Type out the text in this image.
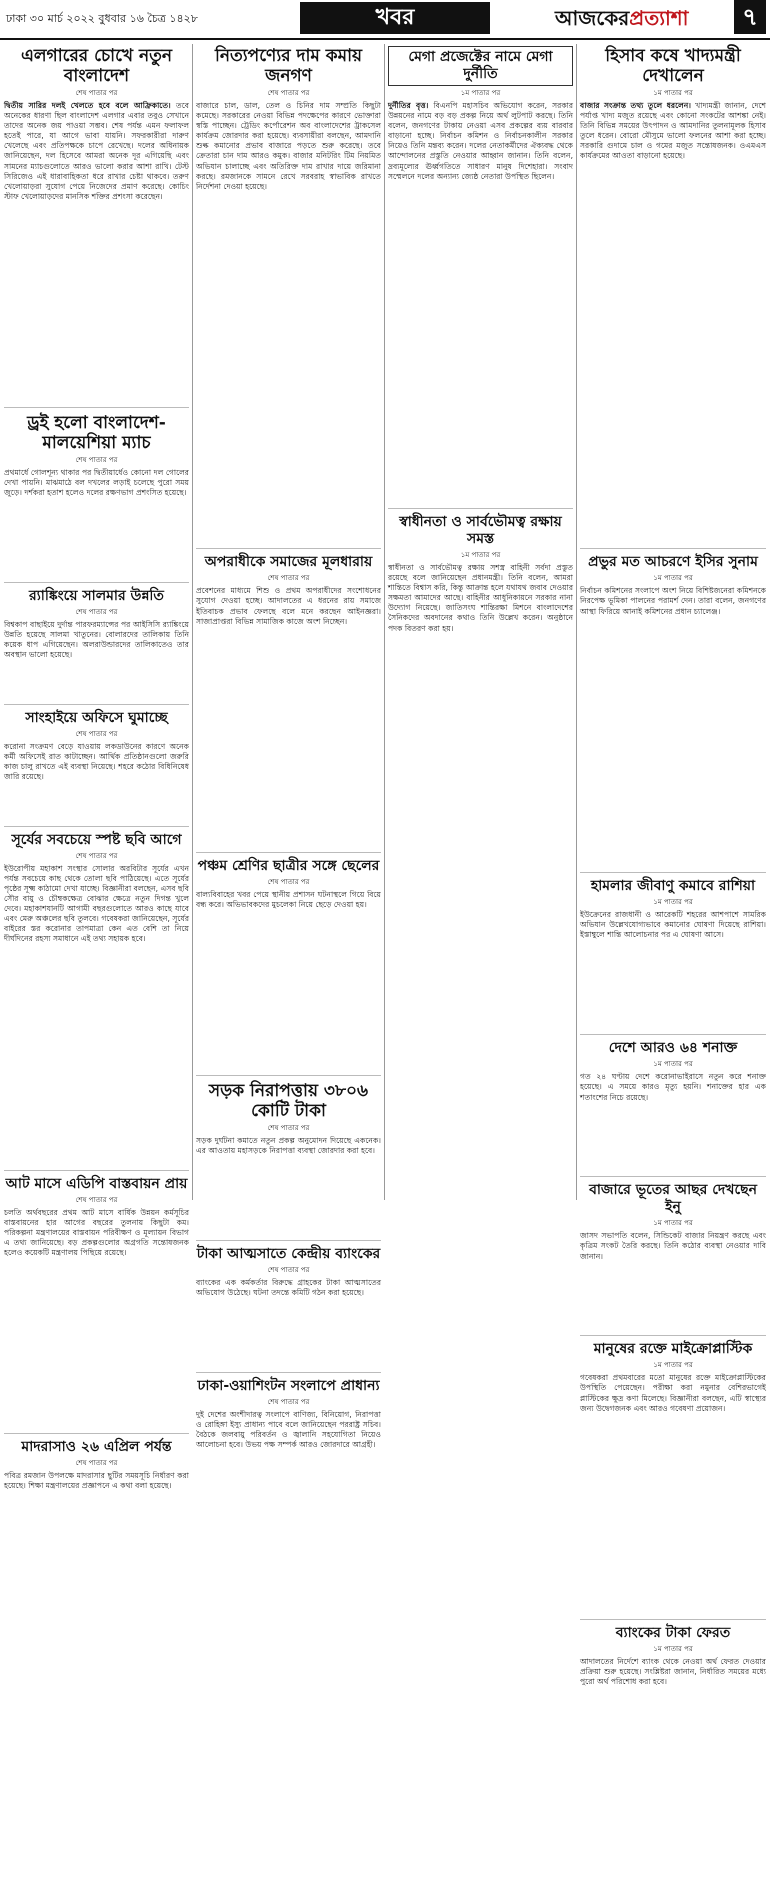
ঢাকা ৩০ মার্চ ২০২২ বুধবার ১৬ চৈত্র ১৪২৮	খবর	আজকেরপ্রত্যাশা	৭
এলগারের চোখে নতুন বাংলাদেশ
শেষ পাতার পর
দ্বিতীয় সারির দলই খেলতে হবে বলে আফ্রিকাতে। তবে অনেকের ধারণা ছিল বাংলাদেশ এলগার এবার তবুও সেখানে তাদের অনেক জয় পাওয়া সম্ভব। শেষ পর্যন্ত এমন ফলাফল হতেই পারে, যা আগে ভাবা যায়নি। সফরকারীরা দারুণ খেলেছে এবং প্রতিপক্ষকে চাপে রেখেছে। দলের অধিনায়ক জানিয়েছেন, দল হিসেবে আমরা অনেক দূর এগিয়েছি এবং সামনের ম্যাচগুলোতে আরও ভালো করার আশা রাখি। টেস্ট সিরিজেও এই ধারাবাহিকতা ধরে রাখার চেষ্টা থাকবে। তরুণ খেলোয়াড়রা সুযোগ পেয়ে নিজেদের প্রমাণ করেছে। কোচিং স্টাফ খেলোয়াড়দের মানসিক শক্তির প্রশংসা করেছেন।
ড্রই হলো বাংলাদেশ-মালয়েশিয়া ম্যাচ
শেষ পাতার পর
প্রথমার্ধে গোলশূন্য থাকার পর দ্বিতীয়ার্ধেও কোনো দল গোলের দেখা পায়নি। মাঝমাঠে বল দখলের লড়াই চলেছে পুরো সময় জুড়ে। দর্শকরা হতাশ হলেও দলের রক্ষণভাগ প্রশংসিত হয়েছে।
র‍্যাঙ্কিংয়ে সালমার উন্নতি
শেষ পাতার পর
বিশ্বকাপ বাছাইয়ে দুর্দান্ত পারফরম্যান্সের পর আইসিসি র‍্যাঙ্কিংয়ে উন্নতি হয়েছে সালমা খাতুনের। বোলারদের তালিকায় তিনি কয়েক ধাপ এগিয়েছেন। অলরাউন্ডারদের তালিকাতেও তার অবস্থান ভালো হয়েছে।
সাংহাইয়ে অফিসে ঘুমাচ্ছে
শেষ পাতার পর
করোনা সংক্রমণ বেড়ে যাওয়ায় লকডাউনের কারণে অনেক কর্মী অফিসেই রাত কাটাচ্ছেন। আর্থিক প্রতিষ্ঠানগুলো জরুরি কাজ চালু রাখতে এই ব্যবস্থা নিয়েছে। শহরে কঠোর বিধিনিষেধ জারি রয়েছে।
সূর্যের সবচেয়ে স্পষ্ট ছবি আগে
শেষ পাতার পর
ইউরোপীয় মহাকাশ সংস্থার সোলার অরবিটার সূর্যের এখন পর্যন্ত সবচেয়ে কাছ থেকে তোলা ছবি পাঠিয়েছে। এতে সূর্যের পৃষ্ঠের সূক্ষ্ম কাঠামো দেখা যাচ্ছে। বিজ্ঞানীরা বলছেন, এসব ছবি সৌর বায়ু ও চৌম্বকক্ষেত্র বোঝার ক্ষেত্রে নতুন দিগন্ত খুলে দেবে। মহাকাশযানটি আগামী বছরগুলোতে আরও কাছে যাবে এবং মেরু অঞ্চলের ছবি তুলবে। গবেষকরা জানিয়েছেন, সূর্যের বাইরের স্তর করোনার তাপমাত্রা কেন এত বেশি তা নিয়ে দীর্ঘদিনের রহস্য সমাধানে এই তথ্য সহায়ক হবে।
আট মাসে এডিপি বাস্তবায়ন প্রায়
শেষ পাতার পর
চলতি অর্থবছরের প্রথম আট মাসে বার্ষিক উন্নয়ন কর্মসূচির বাস্তবায়নের হার আগের বছরের তুলনায় কিছুটা কম। পরিকল্পনা মন্ত্রণালয়ের বাস্তবায়ন পরিবীক্ষণ ও মূল্যায়ন বিভাগ এ তথ্য জানিয়েছে। বড় প্রকল্পগুলোর অগ্রগতি সন্তোষজনক হলেও কয়েকটি মন্ত্রণালয় পিছিয়ে রয়েছে।
মাদরাসাও ২৬ এপ্রিল পর্যন্ত
শেষ পাতার পর
পবিত্র রমজান উপলক্ষে মাদরাসার ছুটির সময়সূচি নির্ধারণ করা হয়েছে। শিক্ষা মন্ত্রণালয়ের প্রজ্ঞাপনে এ কথা বলা হয়েছে।
নিত্যপণ্যের দাম কমায় জনগণ
শেষ পাতার পর
বাজারে চাল, ডাল, তেল ও চিনির দাম সম্প্রতি কিছুটা কমেছে। সরকারের নেওয়া বিভিন্ন পদক্ষেপের কারণে ভোক্তারা স্বস্তি পাচ্ছেন। ট্রেডিং কর্পোরেশন অব বাংলাদেশের ট্রাকসেল কার্যক্রম জোরদার করা হয়েছে। ব্যবসায়ীরা বলছেন, আমদানি শুল্ক কমানোর প্রভাব বাজারে পড়তে শুরু করেছে। তবে ক্রেতারা চান দাম আরও কমুক। বাজার মনিটরিং টিম নিয়মিত অভিযান চালাচ্ছে এবং অতিরিক্ত দাম রাখার দায়ে জরিমানা করছে। রমজানকে সামনে রেখে সরবরাহ স্বাভাবিক রাখতে নির্দেশনা দেওয়া হয়েছে।
অপরাধীকে সমাজের মূলধারায়
শেষ পাতার পর
প্রবেশনের মাধ্যমে শিশু ও প্রথম অপরাধীদের সংশোধনের সুযোগ দেওয়া হচ্ছে। আদালতের এ ধরনের রায় সমাজে ইতিবাচক প্রভাব ফেলছে বলে মনে করছেন আইনজ্ঞরা। সাজাপ্রাপ্তরা বিভিন্ন সামাজিক কাজে অংশ নিচ্ছেন।
পঞ্চম শ্রেণির ছাত্রীর সঙ্গে ছেলের
শেষ পাতার পর
বাল্যবিবাহের খবর পেয়ে স্থানীয় প্রশাসন ঘটনাস্থলে গিয়ে বিয়ে বন্ধ করে। অভিভাবকদের মুচলেকা নিয়ে ছেড়ে দেওয়া হয়।
সড়ক নিরাপত্তায় ৩৮০৬ কোটি টাকা
শেষ পাতার পর
সড়ক দুর্ঘটনা কমাতে নতুন প্রকল্প অনুমোদন দিয়েছে একনেক। এর আওতায় মহাসড়কে নিরাপত্তা ব্যবস্থা জোরদার করা হবে।
টাকা আত্মসাতে কেন্দ্রীয় ব্যাংকের
শেষ পাতার পর
ব্যাংকের এক কর্মকর্তার বিরুদ্ধে গ্রাহকের টাকা আত্মসাতের অভিযোগ উঠেছে। ঘটনা তদন্তে কমিটি গঠন করা হয়েছে।
ঢাকা-ওয়াশিংটন সংলাপে প্রাধান্য
শেষ পাতার পর
দুই দেশের অংশীদারত্ব সংলাপে বাণিজ্য, বিনিয়োগ, নিরাপত্তা ও রোহিঙ্গা ইস্যু প্রাধান্য পাবে বলে জানিয়েছেন পররাষ্ট্র সচিব। বৈঠকে জলবায়ু পরিবর্তন ও জ্বালানি সহযোগিতা নিয়েও আলোচনা হবে। উভয় পক্ষ সম্পর্ক আরও জোরদারে আগ্রহী।
মেগা প্রজেক্টের নামে মেগা দুর্নীতি
১ম পাতার পর
দুর্নীতির বৃত্ত। বিএনপি মহাসচিব অভিযোগ করেন, সরকার উন্নয়নের নামে বড় বড় প্রকল্প নিয়ে অর্থ লুটপাট করছে। তিনি বলেন, জনগণের টাকায় নেওয়া এসব প্রকল্পের ব্যয় বারবার বাড়ানো হচ্ছে। নির্বাচন কমিশন ও নির্বাচনকালীন সরকার নিয়েও তিনি মন্তব্য করেন। দলের নেতাকর্মীদের ঐক্যবদ্ধ থেকে আন্দোলনের প্রস্তুতি নেওয়ার আহ্বান জানান। তিনি বলেন, দ্রব্যমূল্যের ঊর্ধ্বগতিতে সাধারণ মানুষ দিশেহারা। সংবাদ সম্মেলনে দলের অন্যান্য জ্যেষ্ঠ নেতারা উপস্থিত ছিলেন।
স্বাধীনতা ও সার্বভৌমত্ব রক্ষায় সমস্ত
১ম পাতার পর
স্বাধীনতা ও সার্বভৌমত্ব রক্ষায় সশস্ত্র বাহিনী সর্বদা প্রস্তুত রয়েছে বলে জানিয়েছেন প্রধানমন্ত্রী। তিনি বলেন, আমরা শান্তিতে বিশ্বাস করি, কিন্তু আক্রান্ত হলে যথাযথ জবাব দেওয়ার সক্ষমতা আমাদের আছে। বাহিনীর আধুনিকায়নে সরকার নানা উদ্যোগ নিয়েছে। জাতিসংঘ শান্তিরক্ষা মিশনে বাংলাদেশের সৈনিকদের অবদানের কথাও তিনি উল্লেখ করেন। অনুষ্ঠানে পদক বিতরণ করা হয়।
হিসাব কষে খাদ্যমন্ত্রী দেখালেন
১ম পাতার পর
বাজার সংক্রান্ত তথ্য তুলে ধরলেন। খাদ্যমন্ত্রী জানান, দেশে পর্যাপ্ত খাদ্য মজুত রয়েছে এবং কোনো সংকটের আশঙ্কা নেই। তিনি বিভিন্ন সময়ের উৎপাদন ও আমদানির তুলনামূলক হিসাব তুলে ধরেন। বোরো মৌসুমে ভালো ফলনের আশা করা হচ্ছে। সরকারি গুদামে চাল ও গমের মজুত সন্তোষজনক। ওএমএস কার্যক্রমের আওতা বাড়ানো হয়েছে।
প্রভুর মত আচরণে ইসির সুনাম
১ম পাতার পর
নির্বাচন কমিশনের সংলাপে অংশ নিয়ে বিশিষ্টজনেরা কমিশনকে নিরপেক্ষ ভূমিকা পালনের পরামর্শ দেন। তারা বলেন, জনগণের আস্থা ফিরিয়ে আনাই কমিশনের প্রধান চ্যালেঞ্জ।
হামলার জীবাণু কমাবে রাশিয়া
১ম পাতার পর
ইউক্রেনের রাজধানী ও আরেকটি শহরের আশপাশে সামরিক অভিযান উল্লেখযোগ্যভাবে কমানোর ঘোষণা দিয়েছে রাশিয়া। ইস্তাম্বুলে শান্তি আলোচনার পর এ ঘোষণা আসে।
দেশে আরও ৬৪ শনাক্ত
১ম পাতার পর
গত ২৪ ঘণ্টায় দেশে করোনাভাইরাসে নতুন করে শনাক্ত হয়েছে। এ সময়ে কারও মৃত্যু হয়নি। শনাক্তের হার এক শতাংশের নিচে রয়েছে।
বাজারে ভূতের আছর দেখছেন ইনু
১ম পাতার পর
জাসদ সভাপতি বলেন, সিন্ডিকেট বাজার নিয়ন্ত্রণ করছে এবং কৃত্রিম সংকট তৈরি করছে। তিনি কঠোর ব্যবস্থা নেওয়ার দাবি জানান।
মানুষের রক্তে মাইক্রোপ্লাস্টিক
১ম পাতার পর
গবেষকরা প্রথমবারের মতো মানুষের রক্তে মাইক্রোপ্লাস্টিকের উপস্থিতি পেয়েছেন। পরীক্ষা করা নমুনার বেশিরভাগেই প্লাস্টিকের ক্ষুদ্র কণা মিলেছে। বিজ্ঞানীরা বলছেন, এটি স্বাস্থ্যের জন্য উদ্বেগজনক এবং আরও গবেষণা প্রয়োজন।
ব্যাংকের টাকা ফেরত
১ম পাতার পর
আদালতের নির্দেশে ব্যাংক থেকে নেওয়া অর্থ ফেরত দেওয়ার প্রক্রিয়া শুরু হয়েছে। সংশ্লিষ্টরা জানান, নির্ধারিত সময়ের মধ্যে পুরো অর্থ পরিশোধ করা হবে।
